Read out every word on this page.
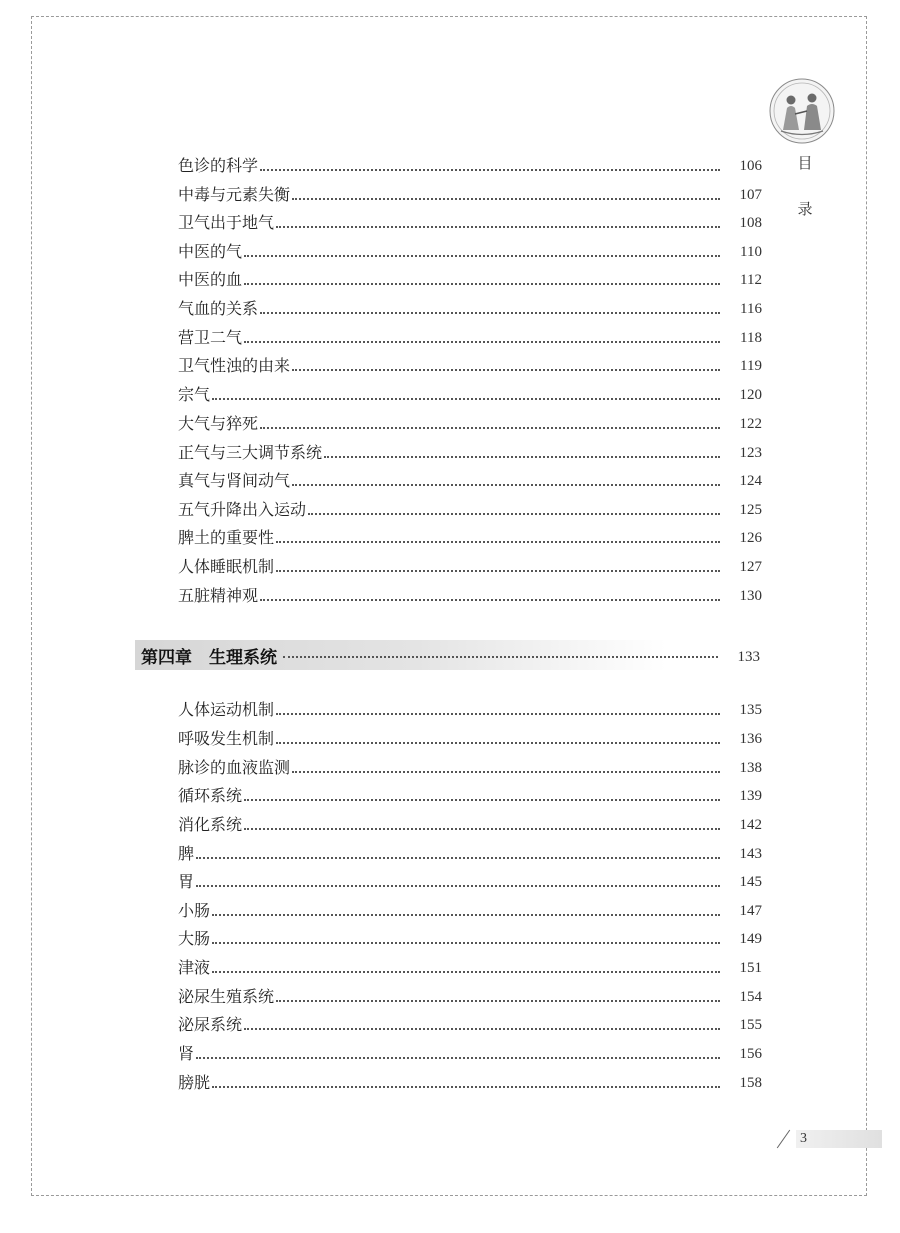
目
录
色诊的科学	106
中毒与元素失衡	107
卫气出于地气	108
中医的气	110
中医的血	112
气血的关系	116
营卫二气	118
卫气性浊的由来	119
宗气	120
大气与猝死	122
正气与三大调节系统	123
真气与肾间动气	124
五气升降出入运动	125
脾土的重要性	126
人体睡眠机制	127
五脏精神观	130
第四章　生理系统	133
人体运动机制	135
呼吸发生机制	136
脉诊的血液监测	138
循环系统	139
消化系统	142
脾	143
胃	145
小肠	147
大肠	149
津液	151
泌尿生殖系统	154
泌尿系统	155
肾	156
膀胱	158
3
